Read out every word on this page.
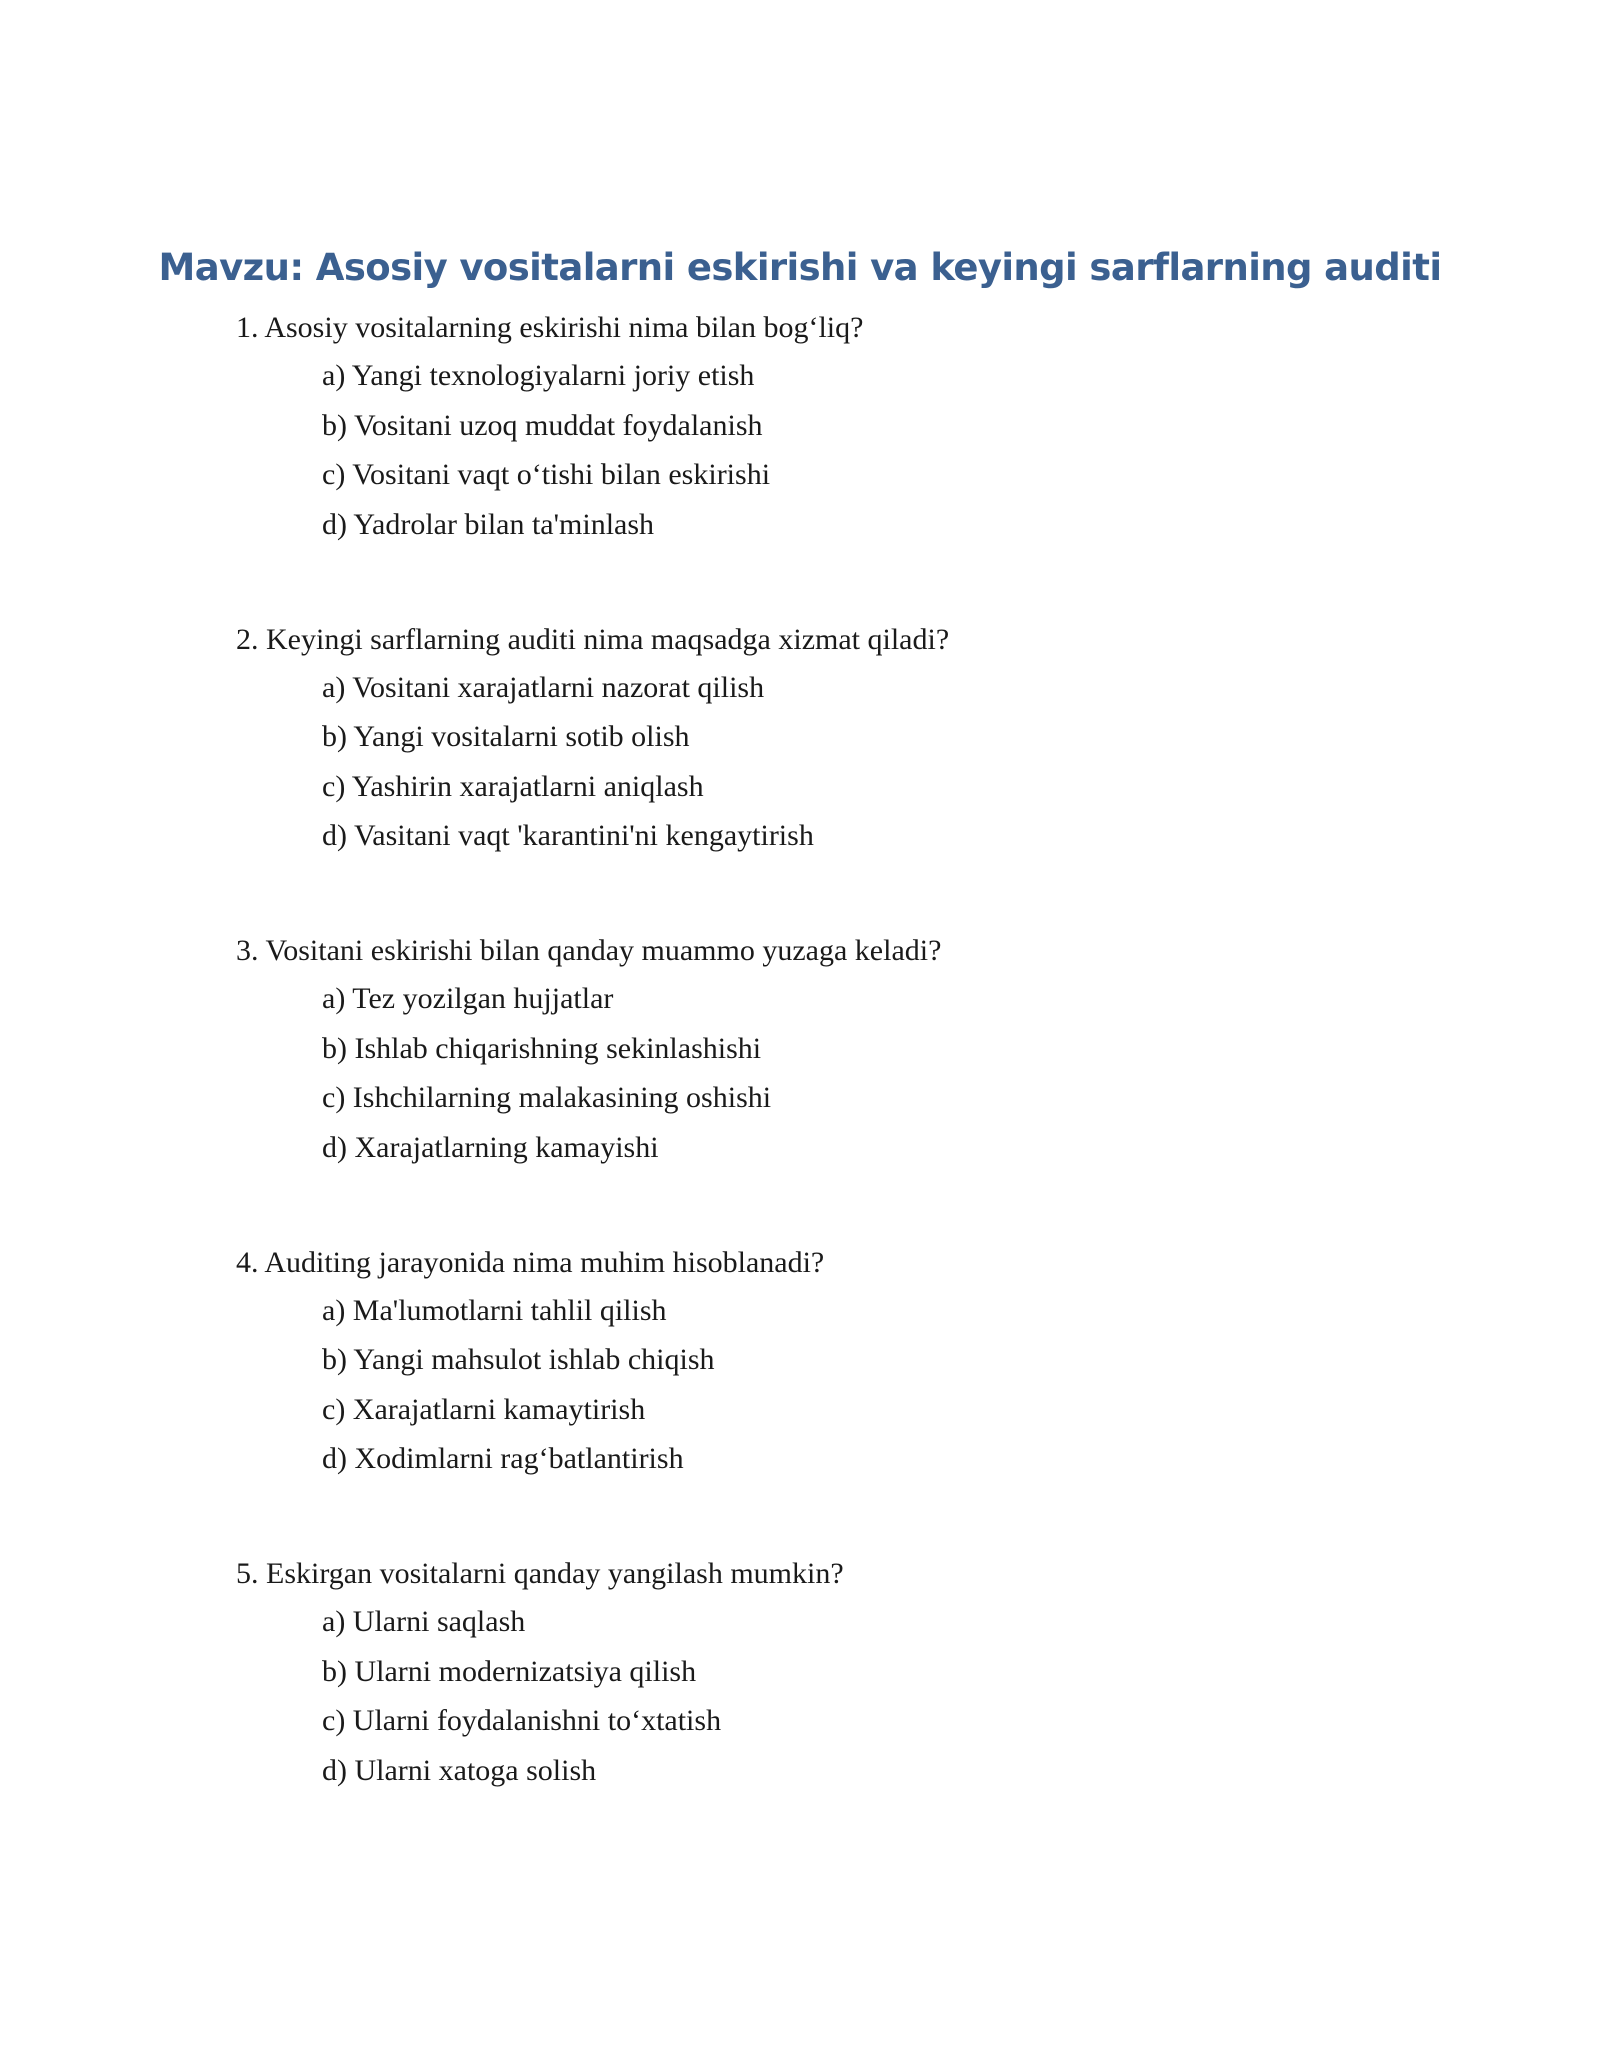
Mavzu: Asosiy vositalarni eskirishi va keyingi sarflarning auditi

1. Asosiy vositalarning eskirishi nima bilan bog‘liq?

a) Yangi texnologiyalarni joriy etish
b) Vositani uzoq muddat foydalanish
c) Vositani vaqt o‘tishi bilan eskirishi
d) Yadrolar bilan ta'minlash

2. Keyingi sarflarning auditi nima maqsadga xizmat qiladi?

a) Vositani xarajatlarni nazorat qilish
b) Yangi vositalarni sotib olish
c) Yashirin xarajatlarni aniqlash
d) Vasitani vaqt 'karantini'ni kengaytirish

3. Vositani eskirishi bilan qanday muammo yuzaga keladi?

a) Tez yozilgan hujjatlar
b) Ishlab chiqarishning sekinlashishi
c) Ishchilarning malakasining oshishi
d) Xarajatlarning kamayishi

4. Auditing jarayonida nima muhim hisoblanadi?

a) Ma'lumotlarni tahlil qilish
b) Yangi mahsulot ishlab chiqish
c) Xarajatlarni kamaytirish
d) Xodimlarni rag‘batlantirish

5. Eskirgan vositalarni qanday yangilash mumkin?

a) Ularni saqlash
b) Ularni modernizatsiya qilish
c) Ularni foydalanishni to‘xtatish
d) Ularni xatoga solish
